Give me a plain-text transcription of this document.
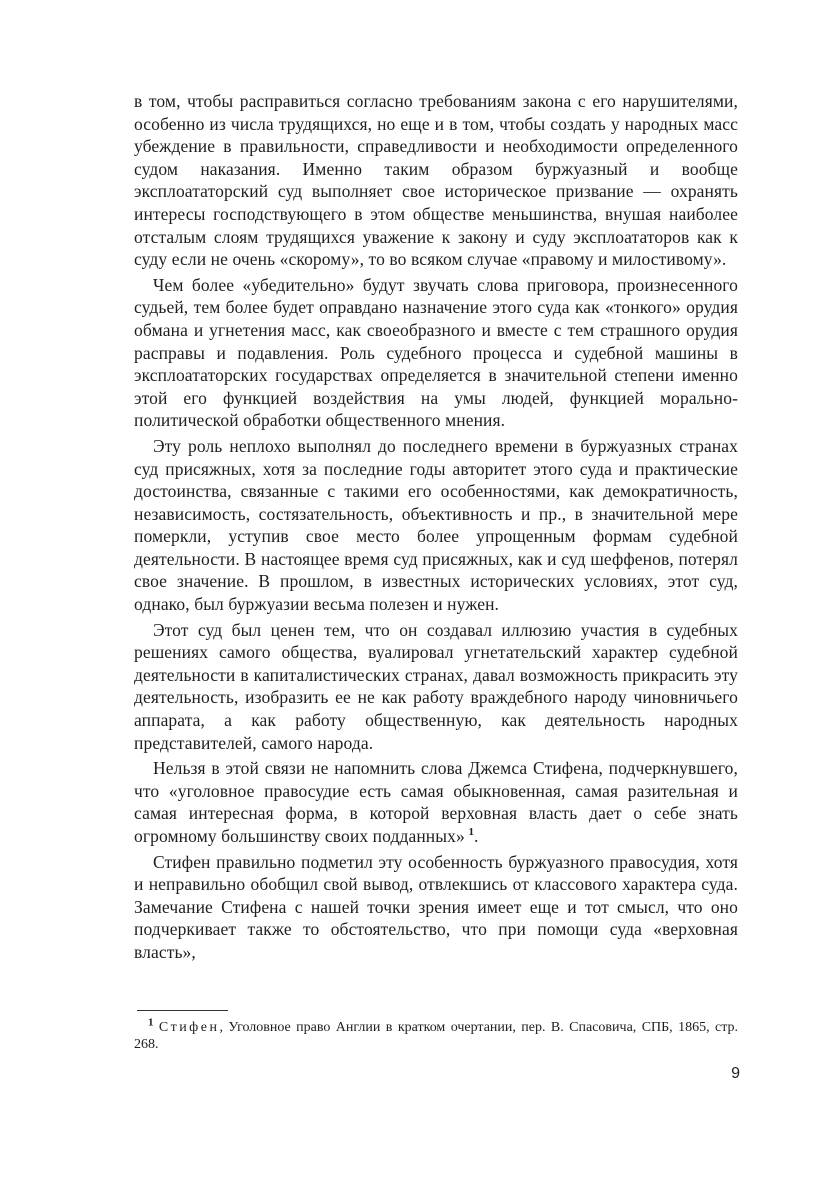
в том, чтобы расправиться согласно требованиям закона с его нарушителями, особенно из числа трудящихся, но еще и в том, чтобы создать у народных масс убеждение в правильности, справедливости и необходимости определенного судом наказания. Именно таким образом буржуазный и вообще эксплоататорский суд выполняет свое историческое призвание — охранять интересы господствующего в этом обществе меньшинства, внушая наиболее отсталым слоям трудящихся уважение к закону и суду эксплоататоров как к суду если не очень «скорому», то во всяком случае «правому и милостивому».

Чем более «убедительно» будут звучать слова приговора, произнесенного судьей, тем более будет оправдано назначение этого суда как «тонкого» орудия обмана и угнетения масс, как своеобразного и вместе с тем страшного орудия расправы и подавления. Роль судебного процесса и судебной машины в эксплоататорских государствах определяется в значительной степени именно этой его функцией воздействия на умы людей, функцией морально-политической обработки общественного мнения.

Эту роль неплохо выполнял до последнего времени в буржуазных странах суд присяжных, хотя за последние годы авторитет этого суда и практические достоинства, связанные с такими его особенностями, как демократичность, независимость, состязательность, объективность и пр., в значительной мере померкли, уступив свое место более упрощенным формам судебной деятельности. В настоящее время суд присяжных, как и суд шеффенов, потерял свое значение. В прошлом, в известных исторических условиях, этот суд, однако, был буржуазии весьма полезен и нужен.

Этот суд был ценен тем, что он создавал иллюзию участия в судебных решениях самого общества, вуалировал угнетательский характер судебной деятельности в капиталистических странах, давал возможность прикрасить эту деятельность, изобразить ее не как работу враждебного народу чиновничьего аппарата, а как работу общественную, как деятельность народных представителей, самого народа.

Нельзя в этой связи не напомнить слова Джемса Стифена, подчеркнувшего, что «уголовное правосудие есть самая обыкновенная, самая разительная и самая интересная форма, в которой верховная власть дает о себе знать огромному большинству своих подданных»  $^1$.

Стифен правильно подметил эту особенность буржуазного правосудия, хотя и неправильно обобщил свой вывод, отвлекшись от классового характера суда. Замечание Стифена с нашей точки зрения имеет еще и тот смысл, что оно подчеркивает также то обстоятельство, что при помощи суда «верховная власть»,

$^1$ Стифен, Уголовное право Англии в кратком очертании, пер. В. Спасовича, СПБ, 1865, стр. 268.

9
